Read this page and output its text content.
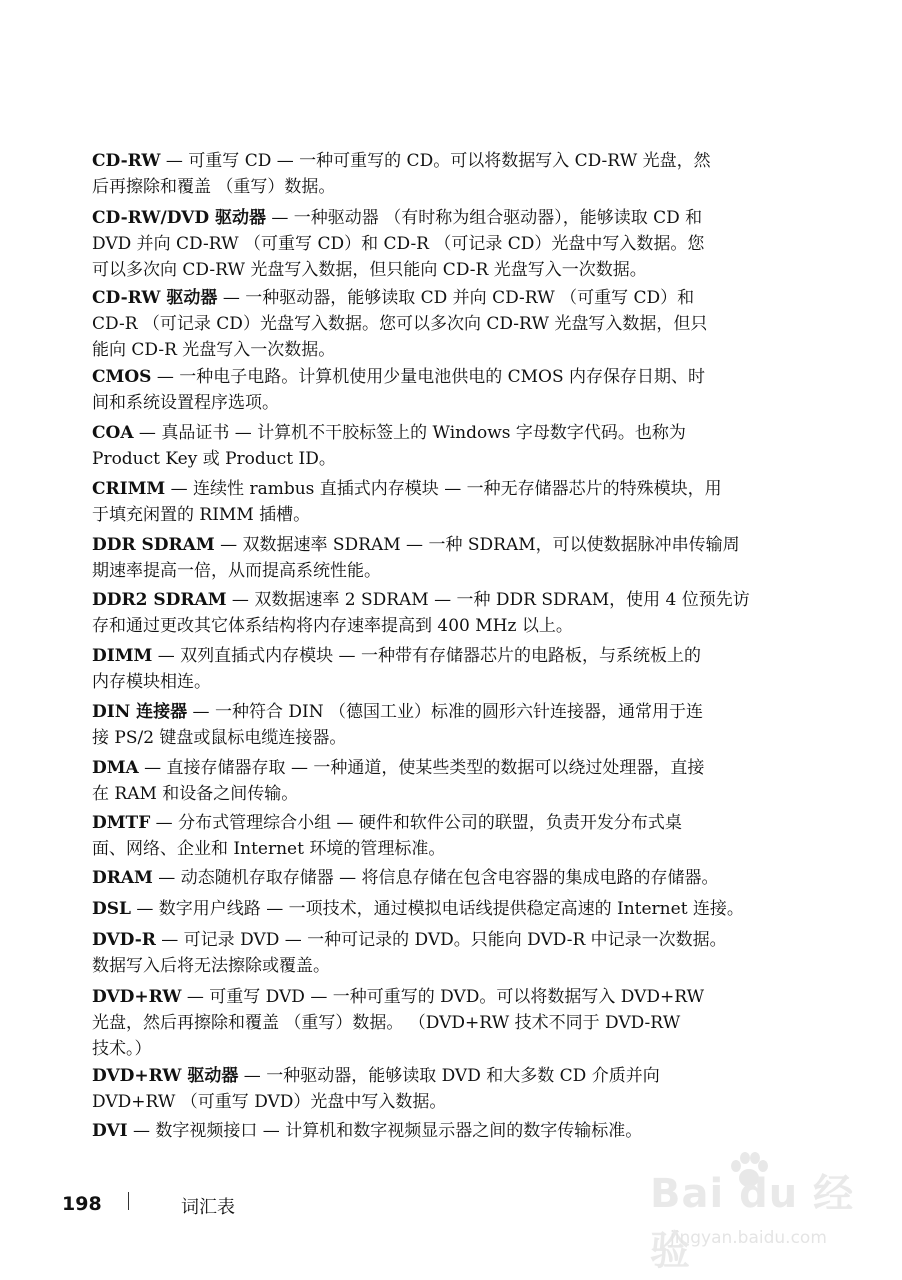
CD-RW — 可重写 CD — 一种可重写的 CD。可以将数据写入 CD-RW 光盘，然

后再擦除和覆盖 （重写）数据。

CD-RW/DVD 驱动器 — 一种驱动器 （有时称为组合驱动器），能够读取 CD 和

DVD 并向 CD-RW （可重写 CD）和 CD-R （可记录 CD）光盘中写入数据。您

可以多次向 CD-RW 光盘写入数据，但只能向 CD-R 光盘写入一次数据。

CD-RW 驱动器 — 一种驱动器，能够读取 CD 并向 CD-RW （可重写 CD）和

CD-R （可记录 CD）光盘写入数据。您可以多次向 CD-RW 光盘写入数据，但只

能向 CD-R 光盘写入一次数据。

CMOS — 一种电子电路。计算机使用少量电池供电的 CMOS 内存保存日期、时

间和系统设置程序选项。

COA — 真品证书 — 计算机不干胶标签上的 Windows 字母数字代码。也称为

Product Key 或 Product ID。

CRIMM — 连续性 rambus 直插式内存模块 — 一种无存储器芯片的特殊模块，用

于填充闲置的 RIMM 插槽。

DDR SDRAM — 双数据速率 SDRAM — 一种 SDRAM，可以使数据脉冲串传输周

期速率提高一倍，从而提高系统性能。

DDR2 SDRAM — 双数据速率 2 SDRAM — 一种 DDR SDRAM，使用 4 位预先访

存和通过更改其它体系结构将内存速率提高到 400 MHz 以上。

DIMM — 双列直插式内存模块 — 一种带有存储器芯片的电路板，与系统板上的

内存模块相连。

DIN 连接器 — 一种符合 DIN （德国工业）标准的圆形六针连接器，通常用于连

接 PS/2 键盘或鼠标电缆连接器。

DMA — 直接存储器存取 — 一种通道，使某些类型的数据可以绕过处理器，直接

在 RAM 和设备之间传输。

DMTF — 分布式管理综合小组 — 硬件和软件公司的联盟，负责开发分布式桌

面、网络、企业和 Internet 环境的管理标准。

DRAM — 动态随机存取存储器 — 将信息存储在包含电容器的集成电路的存储器。

DSL — 数字用户线路 — 一项技术，通过模拟电话线提供稳定高速的 Internet 连接。

DVD-R — 可记录 DVD — 一种可记录的 DVD。只能向 DVD-R 中记录一次数据。

数据写入后将无法擦除或覆盖。

DVD+RW — 可重写 DVD — 一种可重写的 DVD。可以将数据写入 DVD+RW

光盘，然后再擦除和覆盖 （重写）数据。 （DVD+RW 技术不同于 DVD-RW

技术。）

DVD+RW 驱动器 — 一种驱动器，能够读取 DVD 和大多数 CD 介质并向

DVD+RW （可重写 DVD）光盘中写入数据。

DVI — 数字视频接口 — 计算机和数字视频显示器之间的数字传输标准。

198	词汇表	Bai du 经验
jingyan.baidu.com
